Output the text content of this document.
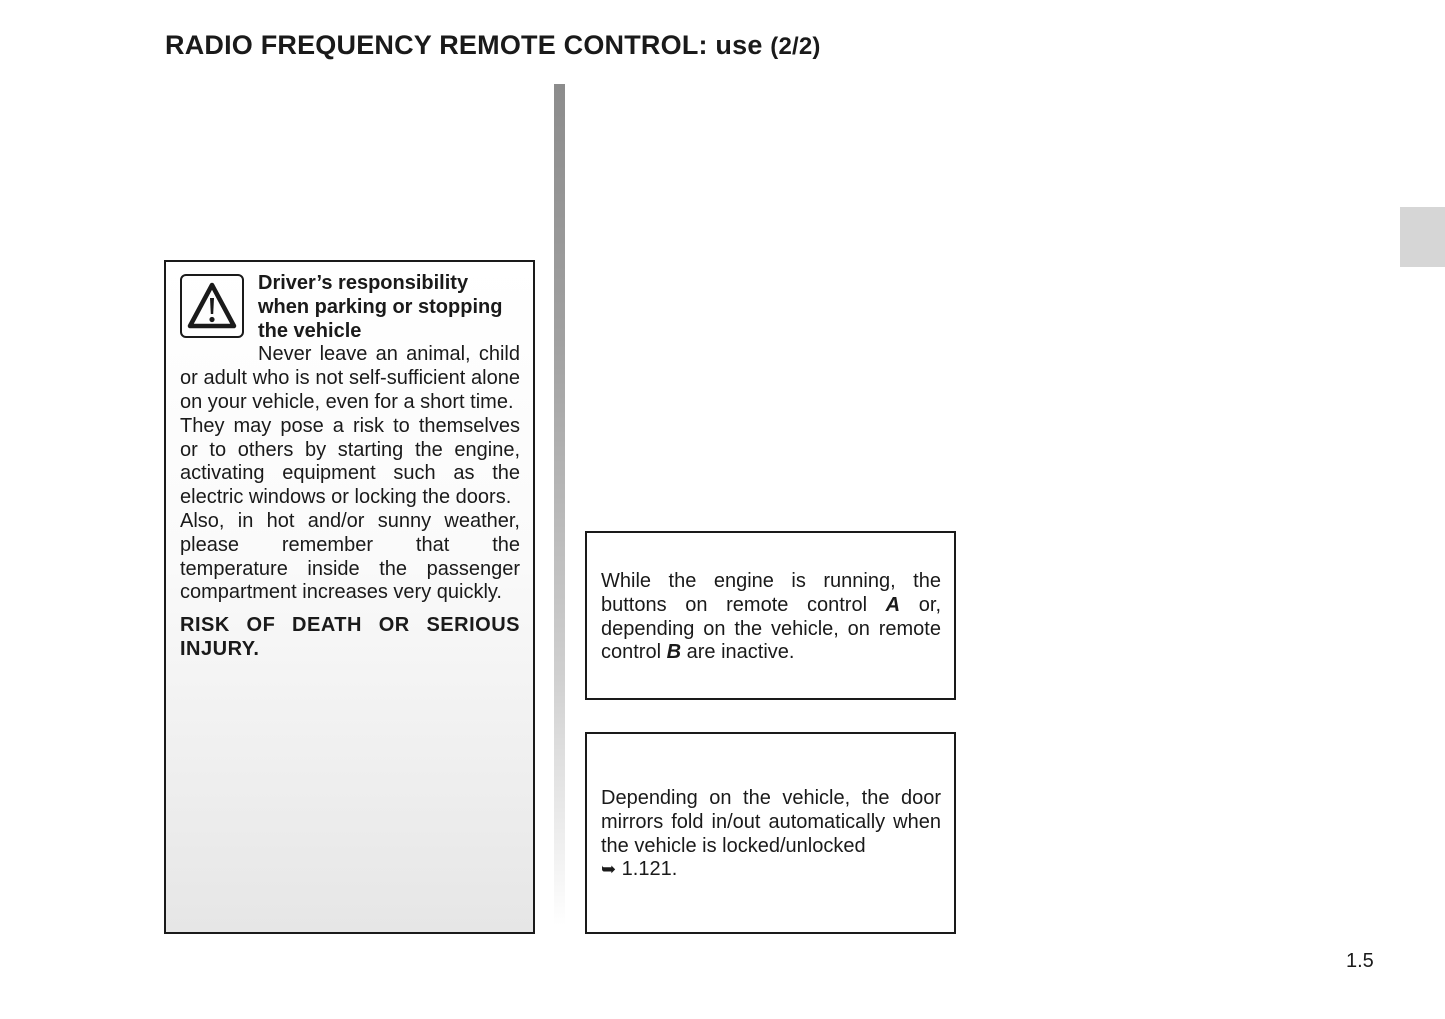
RADIO FREQUENCY REMOTE CONTROL: use (2/2)
Driver’s responsibility when parking or stopping the vehicle

Never leave an animal, child or adult who is not self-sufficient alone on your vehicle, even for a short time.

They may pose a risk to themselves or to others by starting the engine, activating equipment such as the electric windows or locking the doors.

Also, in hot and/or sunny weather, please remember that the temperature inside the passenger compartment increases very quickly.

RISK OF DEATH OR SERIOUS INJURY.

While the engine is running, the buttons on remote control A or, depending on the vehicle, on remote control B are inactive.

Depending on the vehicle, the door mirrors fold in/out automatically when the vehicle is locked/unlocked
➥ 1.121.

1.5
